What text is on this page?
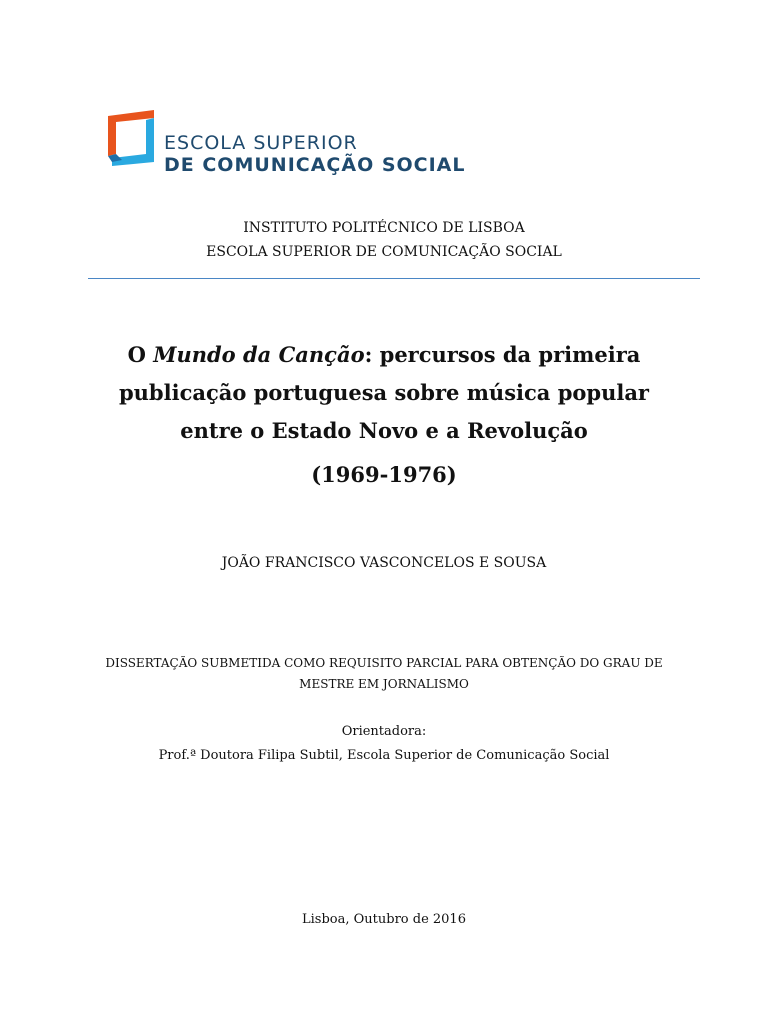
ESCOLA SUPERIOR
DE COMUNICAÇÃO SOCIAL
INSTITUTO POLITÉCNICO DE LISBOA
ESCOLA SUPERIOR DE COMUNICAÇÃO SOCIAL
O Mundo da Canção: percursos da primeira publicação portuguesa sobre música popular entre o Estado Novo e a Revolução
(1969-1976)
JOÃO FRANCISCO VASCONCELOS E SOUSA
DISSERTAÇÃO SUBMETIDA COMO REQUISITO PARCIAL PARA OBTENÇÃO DO GRAU DE MESTRE EM JORNALISMO
Orientadora:
Prof.ª Doutora Filipa Subtil, Escola Superior de Comunicação Social
Lisboa, Outubro de 2016
